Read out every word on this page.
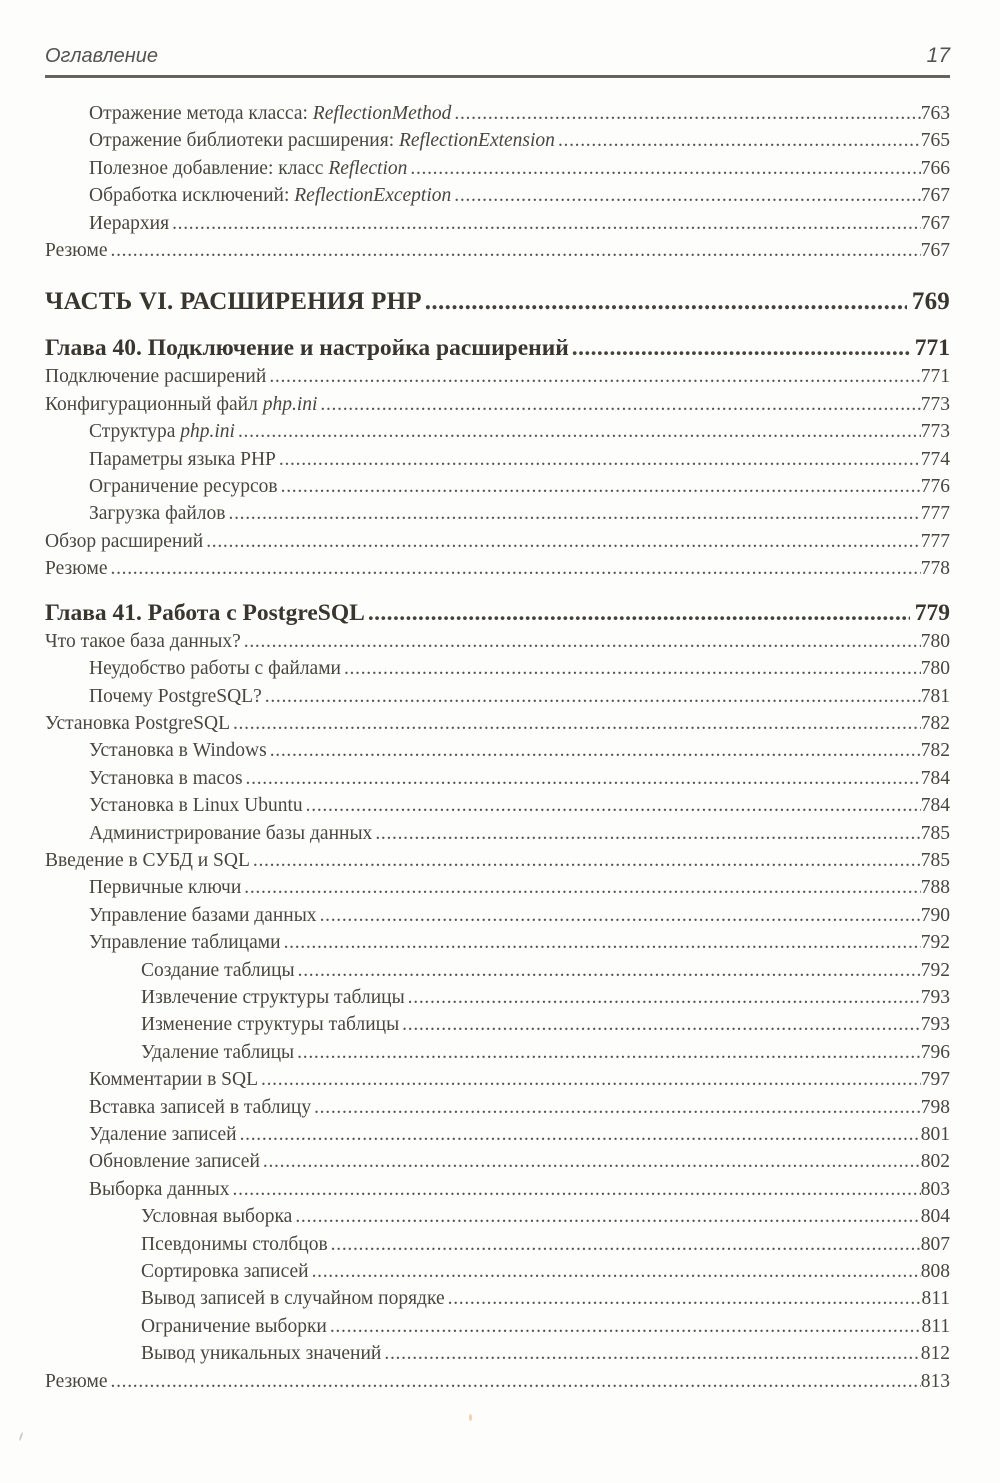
Оглавление	17
Отражение метода класса: ReflectionMethod .....	763
Отражение библиотеки расширения: ReflectionExtension .....	765
Полезное добавление: класс Reflection .....	766
Обработка исключений: ReflectionException .....	767
Иерархия .....	767
Резюме .....	767
ЧАСТЬ VI. РАСШИРЕНИЯ PHP .....	769
Глава 40. Подключение и настройка расширений .....	771
Подключение расширений .....	771
Конфигурационный файл php.ini .....	773
Структура php.ini .....	773
Параметры языка PHP .....	774
Ограничение ресурсов .....	776
Загрузка файлов .....	777
Обзор расширений .....	777
Резюме .....	778
Глава 41. Работа с PostgreSQL .....	779
Что такое база данных? .....	780
Неудобство работы с файлами .....	780
Почему PostgreSQL? .....	781
Установка PostgreSQL .....	782
Установка в Windows .....	782
Установка в macos .....	784
Установка в Linux Ubuntu .....	784
Администрирование базы данных .....	785
Введение в СУБД и SQL .....	785
Первичные ключи .....	788
Управление базами данных .....	790
Управление таблицами .....	792
Создание таблицы .....	792
Извлечение структуры таблицы .....	793
Изменение структуры таблицы .....	793
Удаление таблицы .....	796
Комментарии в SQL .....	797
Вставка записей в таблицу .....	798
Удаление записей .....	801
Обновление записей .....	802
Выборка данных .....	803
Условная выборка .....	804
Псевдонимы столбцов .....	807
Сортировка записей .....	808
Вывод записей в случайном порядке .....	811
Ограничение выборки .....	811
Вывод уникальных значений .....	812
Резюме .....	813
